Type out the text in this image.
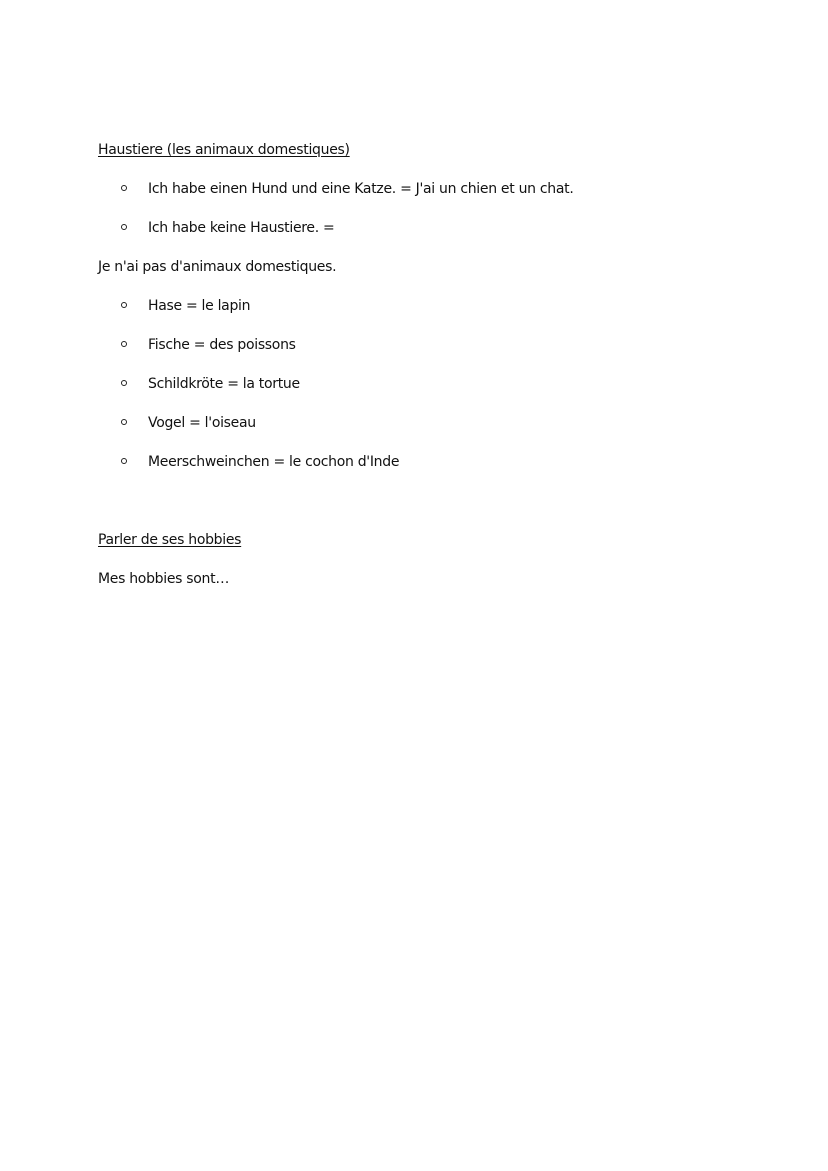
Haustiere (les animaux domestiques)
Ich habe einen Hund und eine Katze. = J'ai un chien et un chat.
Ich habe keine Haustiere. =
Je n'ai pas d'animaux domestiques.
Hase = le lapin
Fische = des poissons
Schildkröte = la tortue
Vogel = l'oiseau
Meerschweinchen = le cochon d'Inde
Parler de ses hobbies
Mes hobbies sont…
